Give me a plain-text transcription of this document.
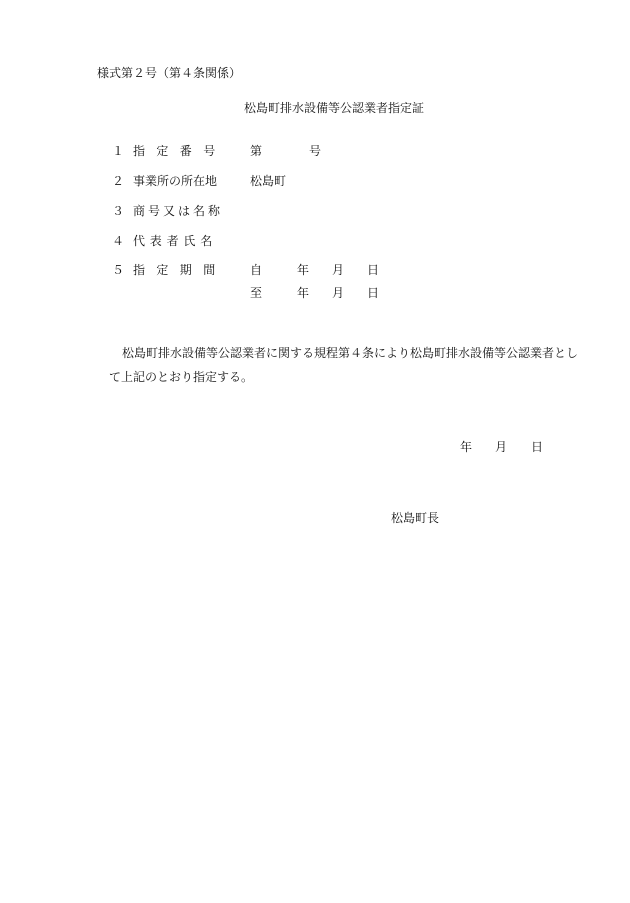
様式第２号（第４条関係）
松島町排水設備等公認業者指定証
１ 指定番号 第	号
２ 事業所の所在地	松島町
３ 商号又は名称
４ 代表者氏名
５ 指定期間 自	年 月 日
至	年 月 日
松島町排水設備等公認業者に関する規程第４条により松島町排水設備等公認業者とし
て上記のとおり指定する。
年 月 日
松島町長
